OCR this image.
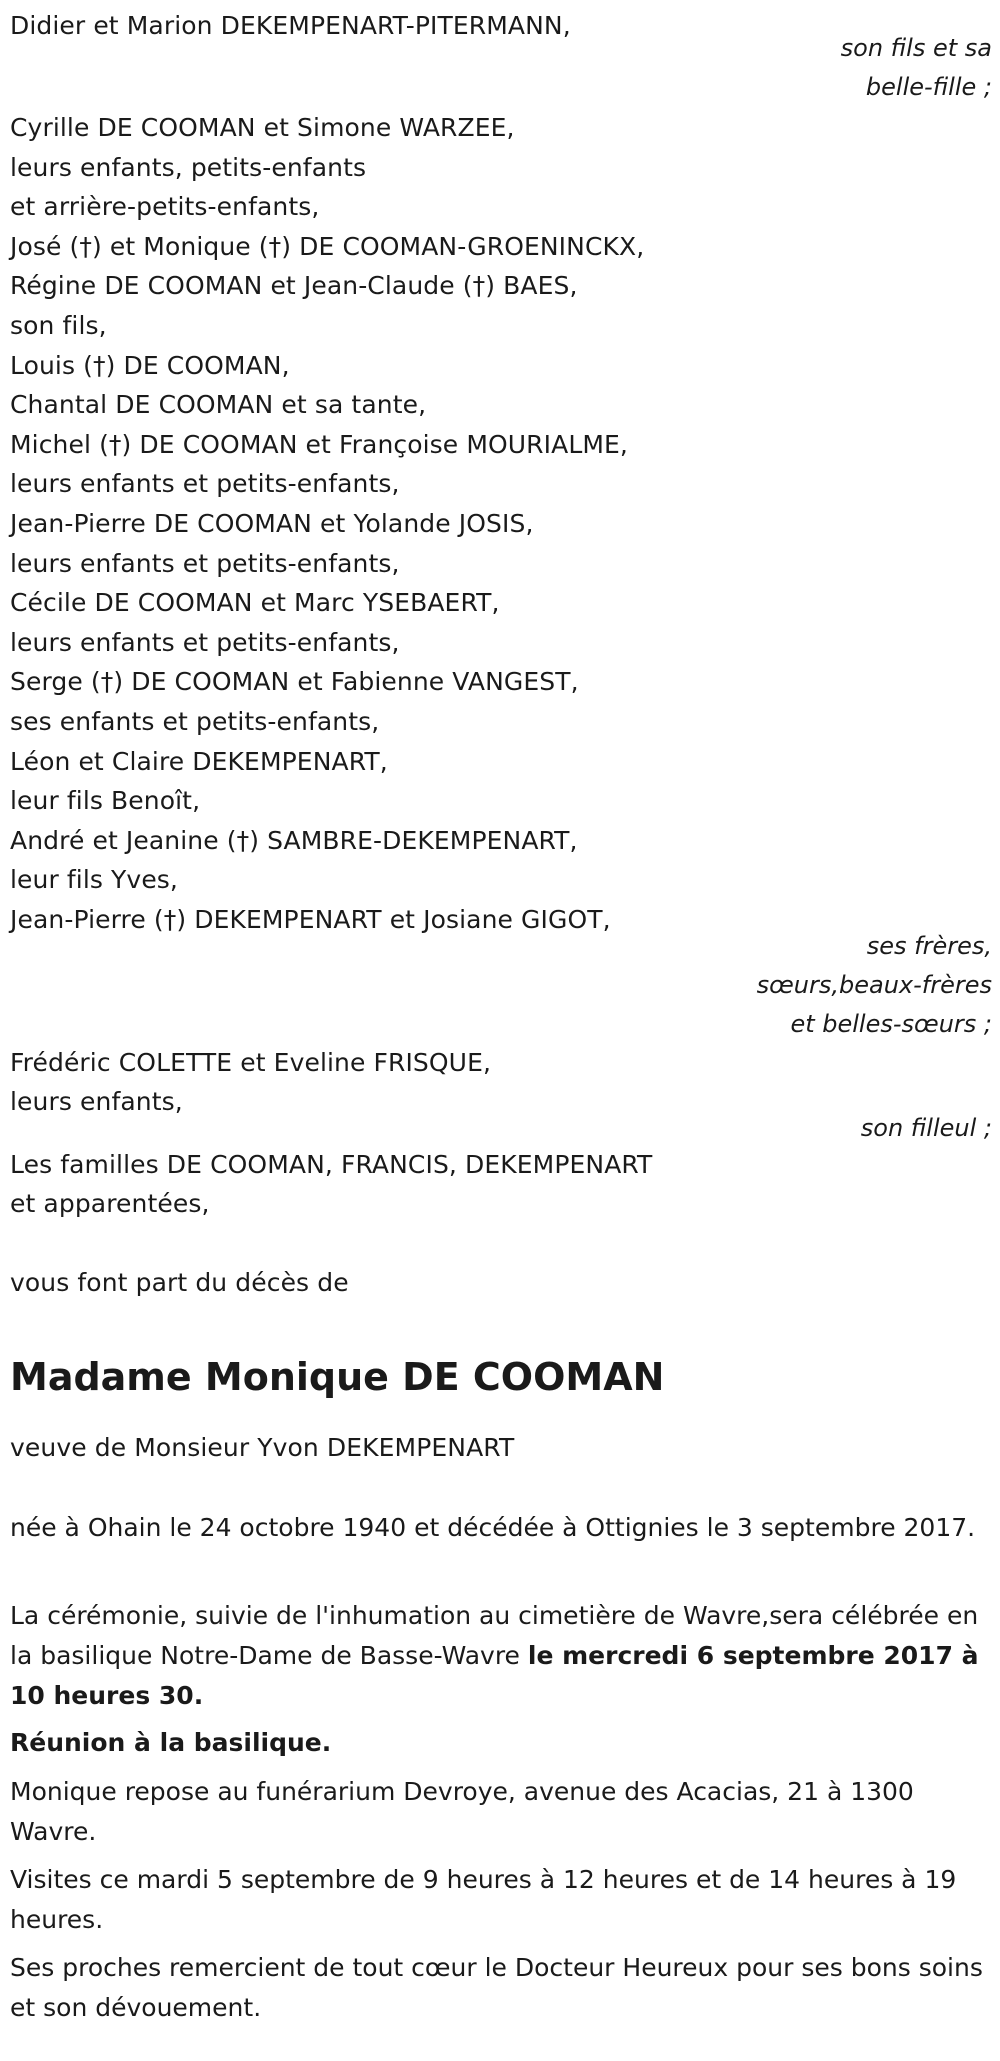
Didier et Marion DEKEMPENART-PITERMANN,
son fils et sa
belle-fille ;
Cyrille DE COOMAN et Simone WARZEE,
leurs enfants, petits-enfants
et arrière-petits-enfants,
José (†) et Monique (†) DE COOMAN-GROENINCKX,
Régine DE COOMAN et Jean-Claude (†) BAES,
son fils,
Louis (†) DE COOMAN,
Chantal DE COOMAN et sa tante,
Michel (†) DE COOMAN et Françoise MOURIALME,
leurs enfants et petits-enfants,
Jean-Pierre DE COOMAN et Yolande JOSIS,
leurs enfants et petits-enfants,
Cécile DE COOMAN et Marc YSEBAERT,
leurs enfants et petits-enfants,
Serge (†) DE COOMAN et Fabienne VANGEST,
ses enfants et petits-enfants,
Léon et Claire DEKEMPENART,
leur fils Benoît,
André et Jeanine (†) SAMBRE-DEKEMPENART,
leur fils Yves,
Jean-Pierre (†) DEKEMPENART et Josiane GIGOT,
ses frères,
sœurs,beaux-frères
et belles-sœurs ;
Frédéric COLETTE et Eveline FRISQUE,
leurs enfants,
son filleul ;
Les familles DE COOMAN, FRANCIS, DEKEMPENART
et apparentées,
vous font part du décès de
Madame Monique DE COOMAN
veuve de Monsieur Yvon DEKEMPENART
née à Ohain le 24 octobre 1940 et décédée à Ottignies le 3 septembre 2017.
La cérémonie, suivie de l'inhumation au cimetière de Wavre,sera célébrée en la basilique Notre-Dame de Basse-Wavre le mercredi 6 septembre 2017 à 10 heures 30.
Réunion à la basilique.
Monique repose au funérarium Devroye, avenue des Acacias, 21 à 1300 Wavre.
Visites ce mardi 5 septembre de 9 heures à 12 heures et de 14 heures à 19 heures.
Ses proches remercient de tout cœur le Docteur Heureux pour ses bons soins et son dévouement.
